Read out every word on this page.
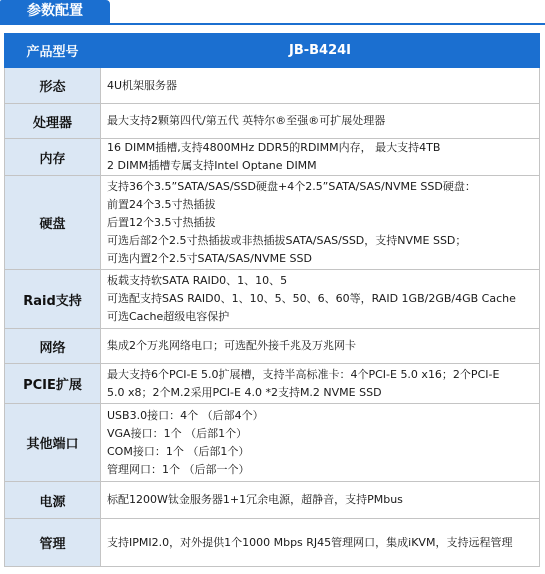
参数配置
产品型号	JB-B424I
形态	4U机架服务器

处理器	最大支持2颗第四代/第五代 英特尔®至强®可扩展处理器

内存	16 DIMM插槽,支持4800MHz DDR5的RDIMM内存， 最大支持4TB
2 DIMM插槽专属支持Intel Optane DIMM

硬盘	支持36个3.5”SATA/SAS/SSD硬盘+4个2.5”SATA/SAS/NVME SSD硬盘：
前置24个3.5寸热插拔
后置12个3.5寸热插拔
可选后部2个2.5寸热插拔或非热插拔SATA/SAS/SSD，支持NVME SSD；
可选内置2个2.5寸SATA/SAS/NVME SSD

Raid支持	板载支持软SATA RAID0、1、10、5
可选配支持SAS RAID0、1、10、5、50、6、60等，RAID 1GB/2GB/4GB Cache
可选Cache超级电容保护

网络	集成2个万兆网络电口；可选配外接千兆及万兆网卡

PCIE扩展	最大支持6个PCI-E 5.0扩展槽，支持半高标准卡：4个PCI-E 5.0 x16；2个PCI-E
5.0 x8；2个M.2采用PCI-E 4.0 *2支持M.2 NVME SSD

其他端口	USB3.0接口：4个 （后部4个）
VGA接口：1个 （后部1个）
COM接口：1个 （后部1个）
管理网口：1个 （后部一个）

电源	标配1200W钛金服务器1+1冗余电源，超静音，支持PMbus

管理	支持IPMI2.0，对外提供1个1000 Mbps RJ45管理网口，集成iKVM，支持远程管理
